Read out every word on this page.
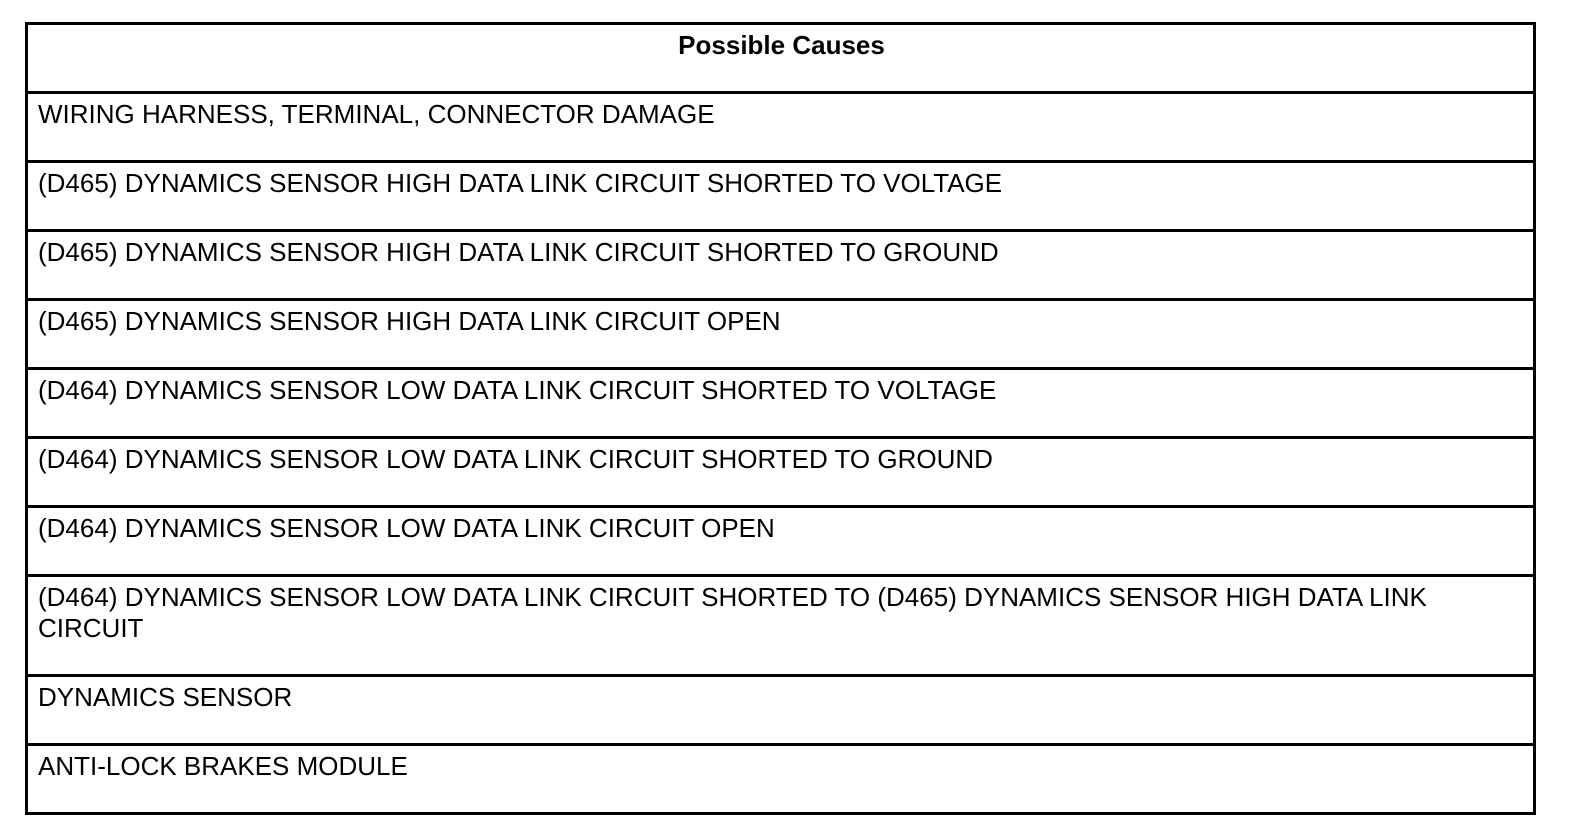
Possible Causes
WIRING HARNESS, TERMINAL, CONNECTOR DAMAGE
(D465) DYNAMICS SENSOR HIGH DATA LINK CIRCUIT SHORTED TO VOLTAGE
(D465) DYNAMICS SENSOR HIGH DATA LINK CIRCUIT SHORTED TO GROUND
(D465) DYNAMICS SENSOR HIGH DATA LINK CIRCUIT OPEN
(D464) DYNAMICS SENSOR LOW DATA LINK CIRCUIT SHORTED TO VOLTAGE
(D464) DYNAMICS SENSOR LOW DATA LINK CIRCUIT SHORTED TO GROUND
(D464) DYNAMICS SENSOR LOW DATA LINK CIRCUIT OPEN
(D464) DYNAMICS SENSOR LOW DATA LINK CIRCUIT SHORTED TO (D465) DYNAMICS SENSOR HIGH DATA LINK CIRCUIT
DYNAMICS SENSOR
ANTI-LOCK BRAKES MODULE
